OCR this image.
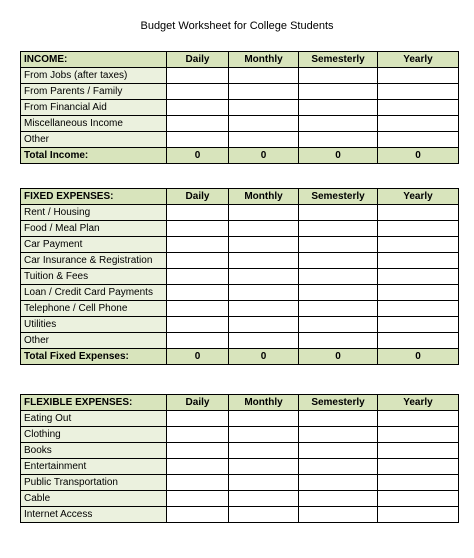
Budget Worksheet for College Students
INCOME:	Daily	Monthly	Semesterly	Yearly
From Jobs (after taxes)				
From Parents / Family				
From Financial Aid				
Miscellaneous Income				
Other				
Total Income:	0	0	0	0
FIXED EXPENSES:	Daily	Monthly	Semesterly	Yearly
Rent / Housing				
Food / Meal Plan				
Car Payment				
Car Insurance & Registration				
Tuition & Fees				
Loan / Credit Card Payments				
Telephone / Cell Phone				
Utilities				
Other				
Total Fixed Expenses:	0	0	0	0
FLEXIBLE EXPENSES:	Daily	Monthly	Semesterly	Yearly
Eating Out				
Clothing				
Books				
Entertainment				
Public Transportation				
Cable				
Internet Access				
